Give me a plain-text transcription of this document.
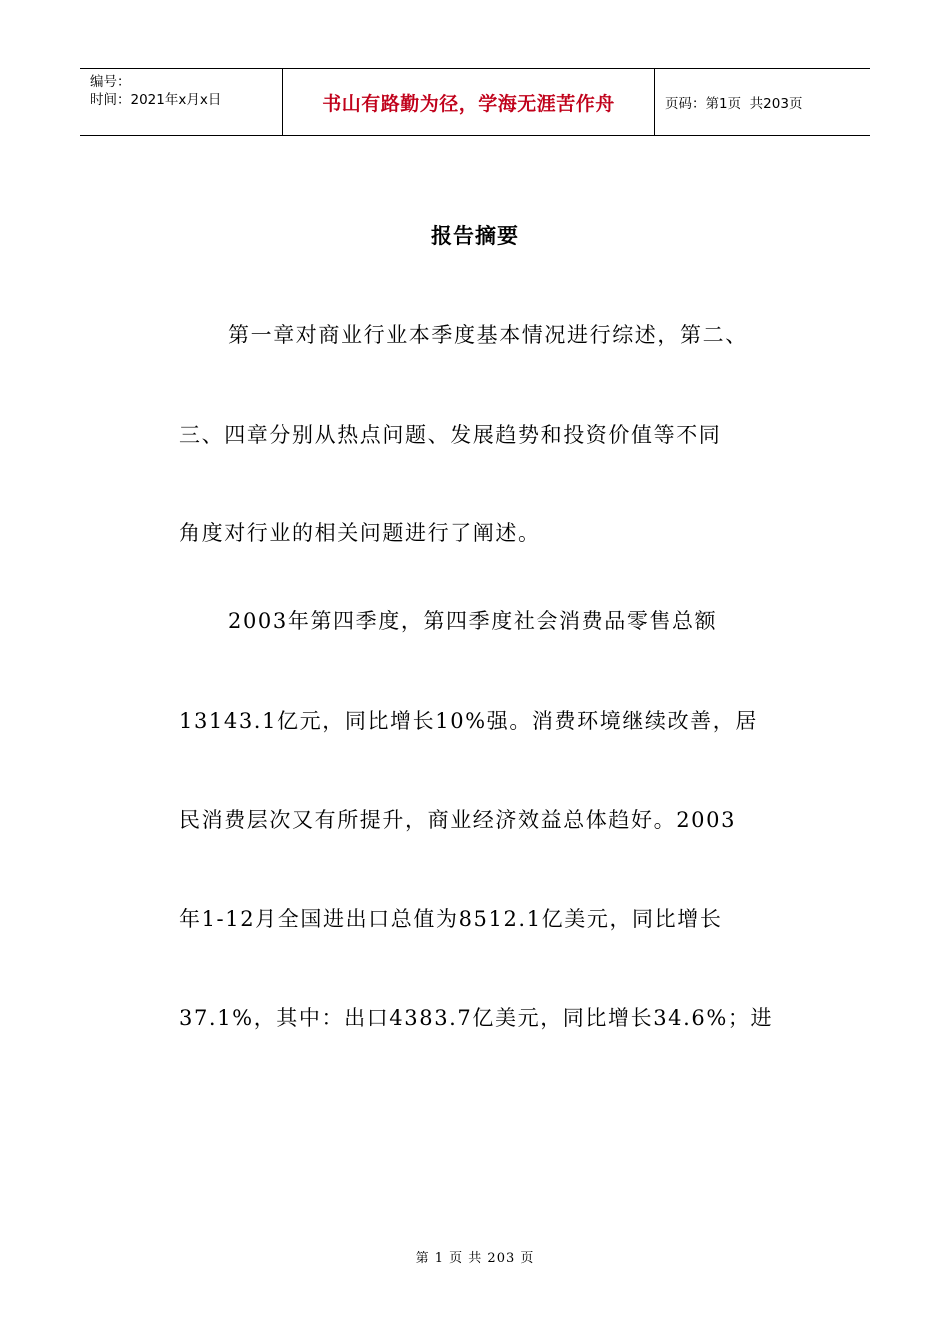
编号：
时间：2021年x月x日	书山有路勤为径，学海无涯苦作舟	页码：第1页  共203页
报告摘要
第一章对商业行业本季度基本情况进行综述，第二、
三、四章分别从热点问题、发展趋势和投资价值等不同
角度对行业的相关问题进行了阐述。
2003年第四季度，第四季度社会消费品零售总额
13143.1亿元，同比增长10%强。消费环境继续改善，居
民消费层次又有所提升，商业经济效益总体趋好。2003
年1-12月全国进出口总值为8512.1亿美元，同比增长
37.1%，其中：出口4383.7亿美元，同比增长34.6%；进
第 1 页 共 203 页
